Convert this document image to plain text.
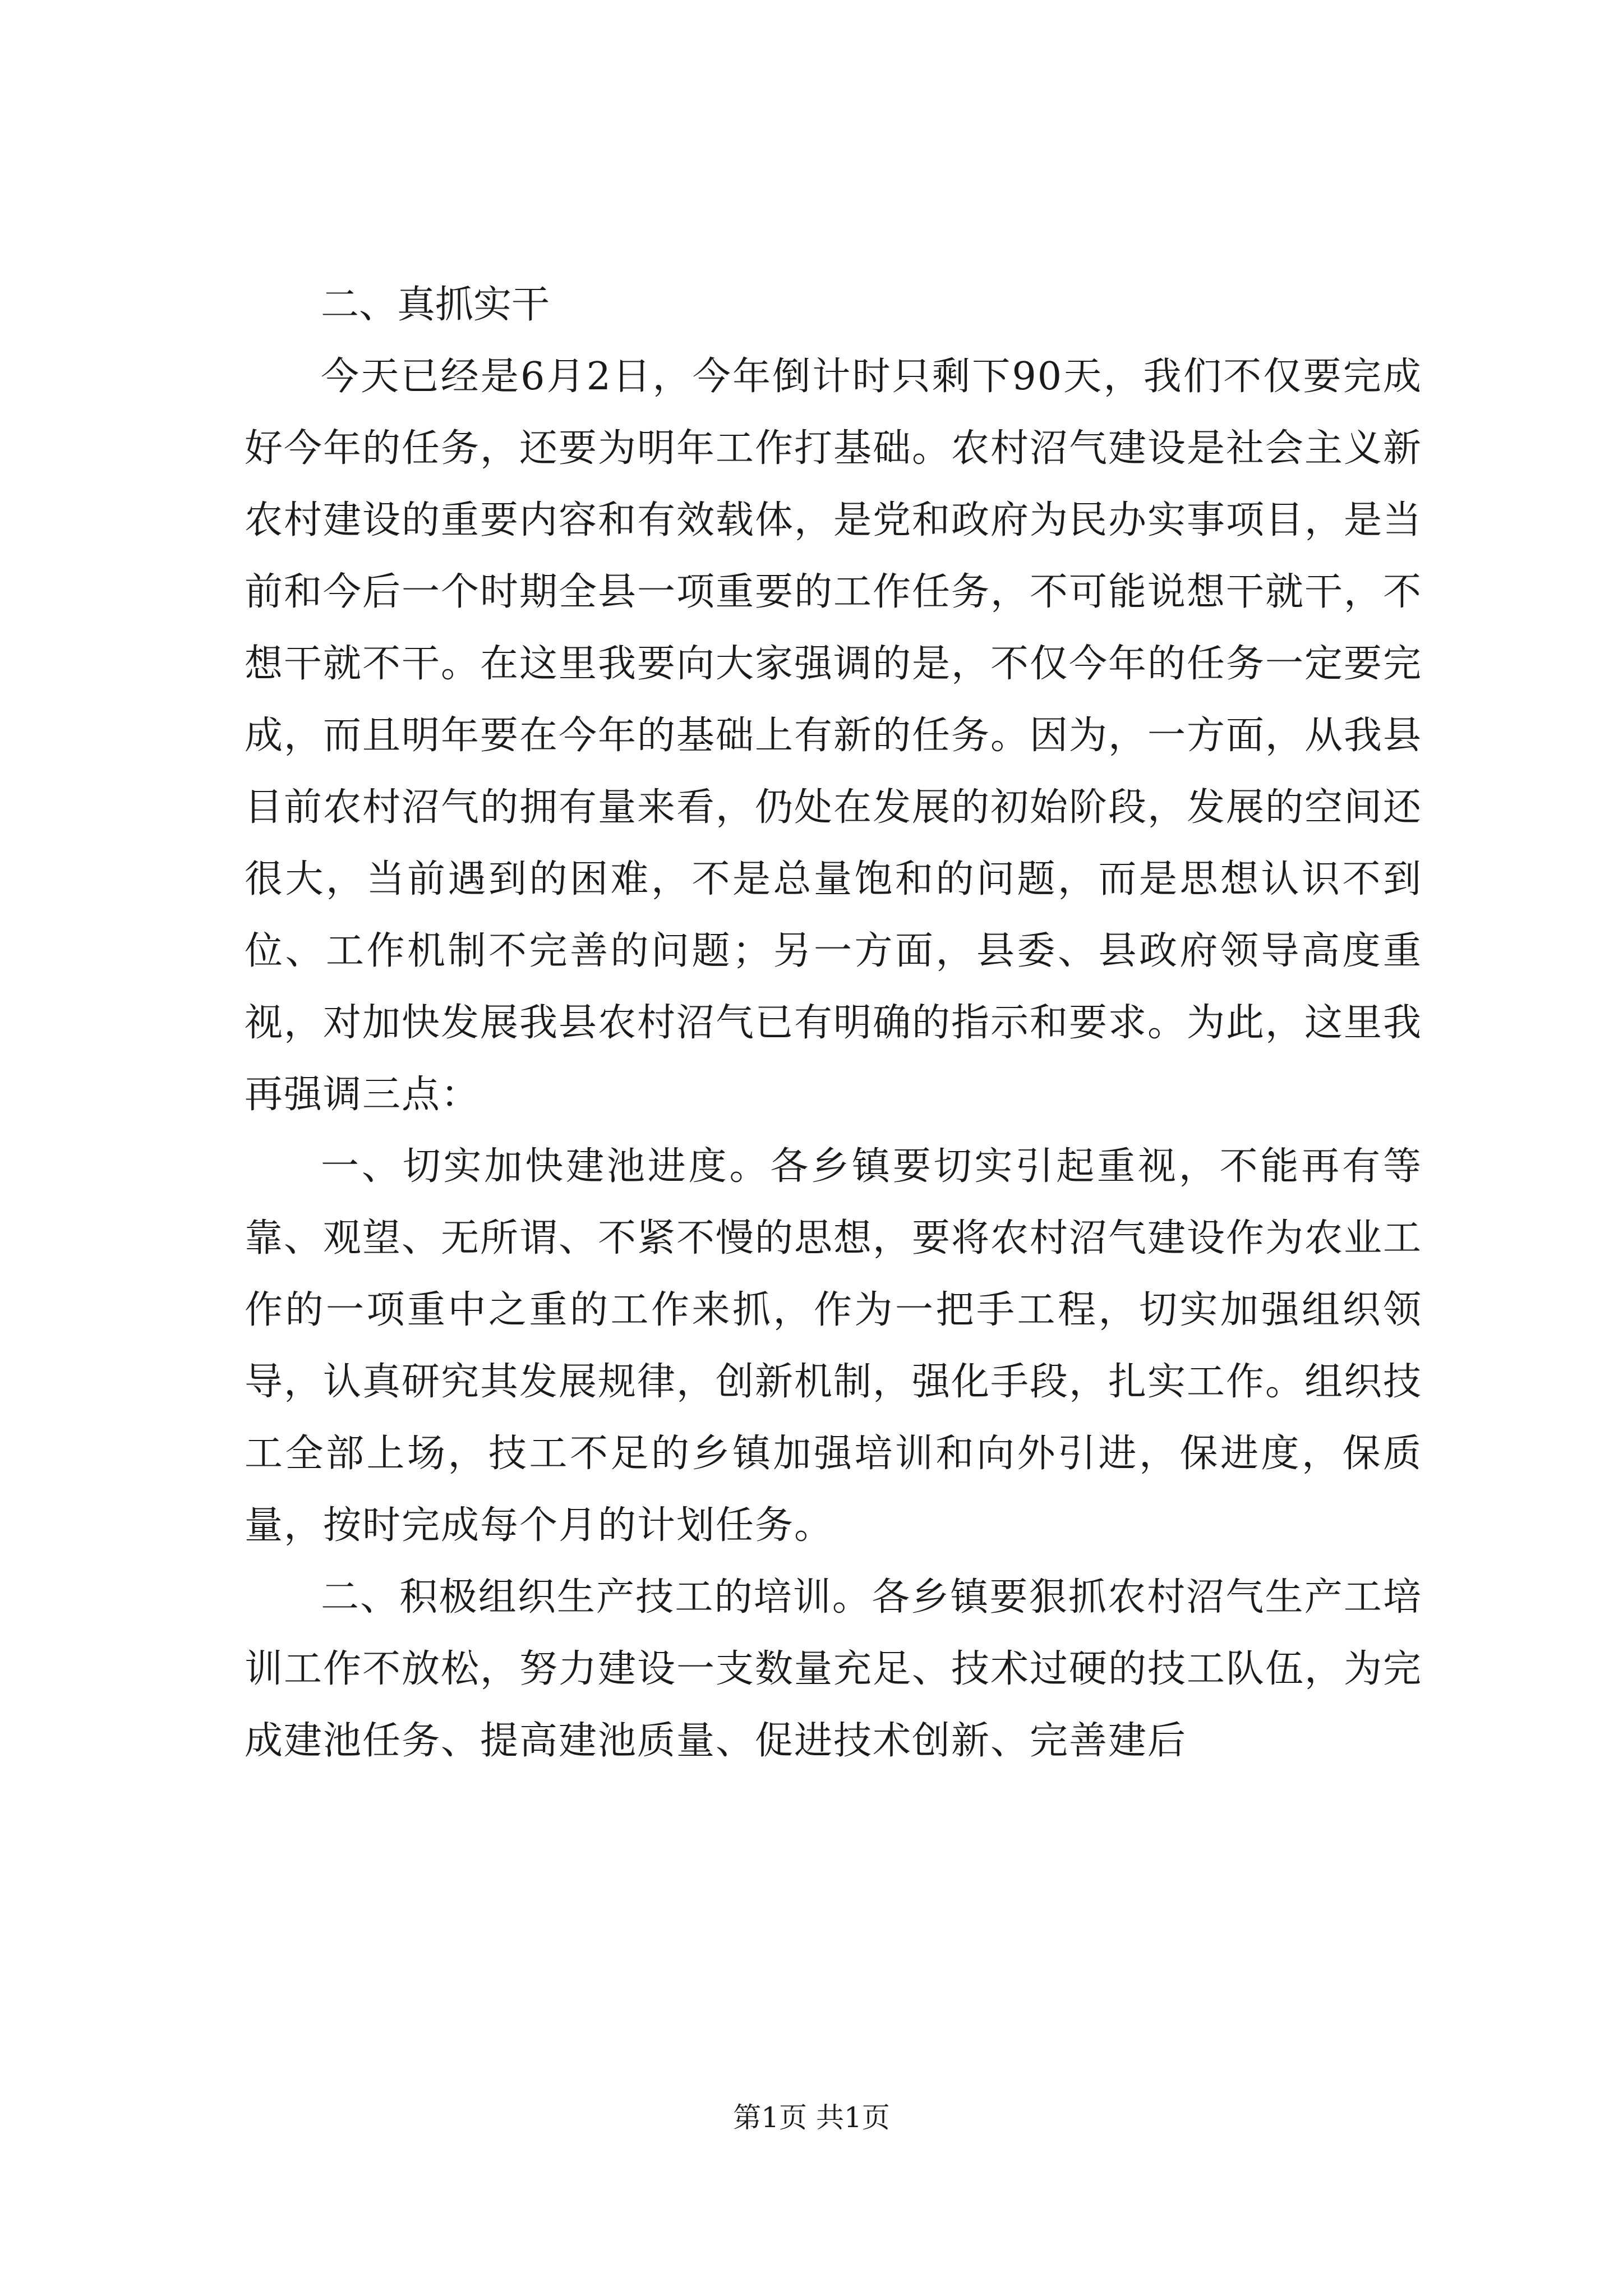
二、真抓实干

今天已经是6月2日，今年倒计时只剩下90天，我们不仅要完成好今年的任务，还要为明年工作打基础。农村沼气建设是社会主义新农村建设的重要内容和有效载体，是党和政府为民办实事项目，是当前和今后一个时期全县一项重要的工作任务，不可能说想干就干，不想干就不干。在这里我要向大家强调的是，不仅今年的任务一定要完成，而且明年要在今年的基础上有新的任务。因为，一方面，从我县目前农村沼气的拥有量来看，仍处在发展的初始阶段，发展的空间还很大，当前遇到的困难，不是总量饱和的问题，而是思想认识不到位、工作机制不完善的问题；另一方面，县委、县政府领导高度重视，对加快发展我县农村沼气已有明确的指示和要求。为此，这里我再强调三点：

一、切实加快建池进度。各乡镇要切实引起重视，不能再有等靠、观望、无所谓、不紧不慢的思想，要将农村沼气建设作为农业工作的一项重中之重的工作来抓，作为一把手工程，切实加强组织领导，认真研究其发展规律，创新机制，强化手段，扎实工作。组织技工全部上场，技工不足的乡镇加强培训和向外引进，保进度，保质量，按时完成每个月的计划任务。

二、积极组织生产技工的培训。各乡镇要狠抓农村沼气生产工培训工作不放松，努力建设一支数量充足、技术过硬的技工队伍，为完成建池任务、提高建池质量、促进技术创新、完善建后

第1页 共1页
